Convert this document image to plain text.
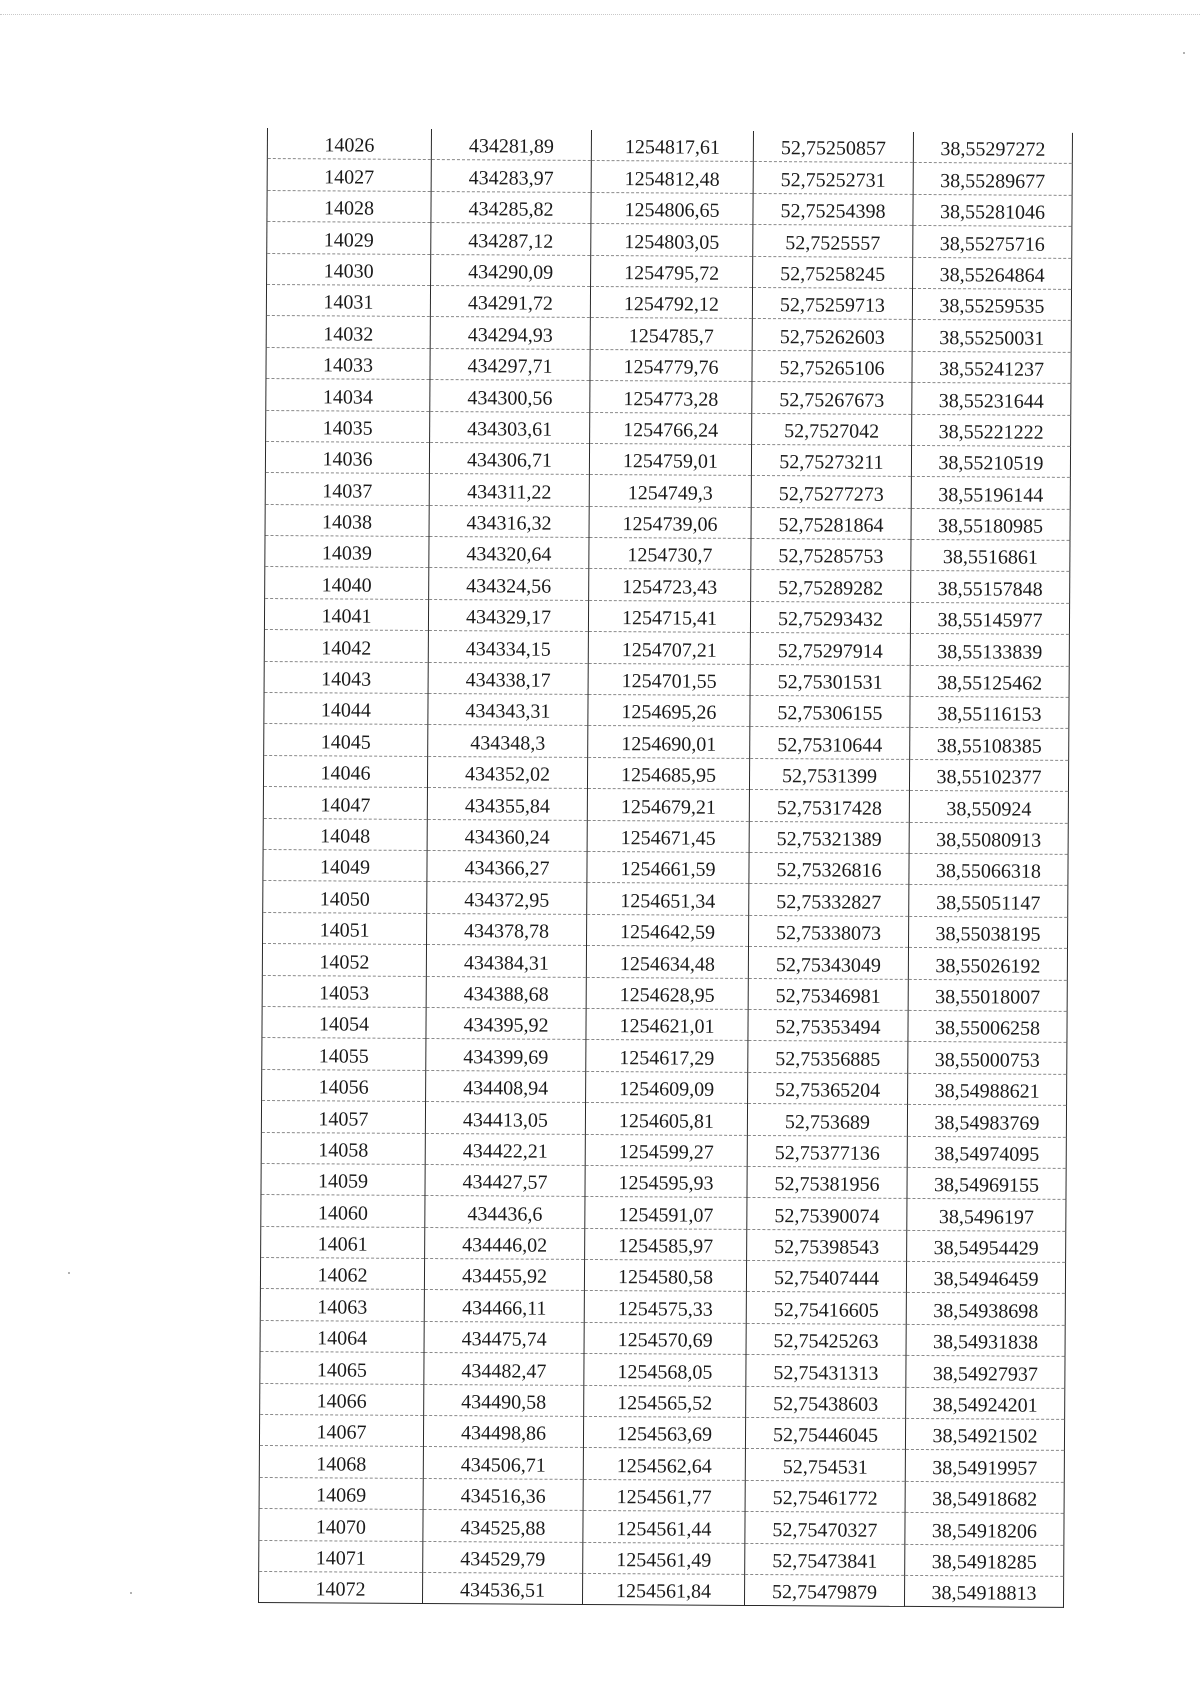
14026	434281,89	1254817,61	52,75250857	38,55297272
14027	434283,97	1254812,48	52,75252731	38,55289677
14028	434285,82	1254806,65	52,75254398	38,55281046
14029	434287,12	1254803,05	52,7525557	38,55275716
14030	434290,09	1254795,72	52,75258245	38,55264864
14031	434291,72	1254792,12	52,75259713	38,55259535
14032	434294,93	1254785,7	52,75262603	38,55250031
14033	434297,71	1254779,76	52,75265106	38,55241237
14034	434300,56	1254773,28	52,75267673	38,55231644
14035	434303,61	1254766,24	52,7527042	38,55221222
14036	434306,71	1254759,01	52,75273211	38,55210519
14037	434311,22	1254749,3	52,75277273	38,55196144
14038	434316,32	1254739,06	52,75281864	38,55180985
14039	434320,64	1254730,7	52,75285753	38,5516861
14040	434324,56	1254723,43	52,75289282	38,55157848
14041	434329,17	1254715,41	52,75293432	38,55145977
14042	434334,15	1254707,21	52,75297914	38,55133839
14043	434338,17	1254701,55	52,75301531	38,55125462
14044	434343,31	1254695,26	52,75306155	38,55116153
14045	434348,3	1254690,01	52,75310644	38,55108385
14046	434352,02	1254685,95	52,7531399	38,55102377
14047	434355,84	1254679,21	52,75317428	38,550924
14048	434360,24	1254671,45	52,75321389	38,55080913
14049	434366,27	1254661,59	52,75326816	38,55066318
14050	434372,95	1254651,34	52,75332827	38,55051147
14051	434378,78	1254642,59	52,75338073	38,55038195
14052	434384,31	1254634,48	52,75343049	38,55026192
14053	434388,68	1254628,95	52,75346981	38,55018007
14054	434395,92	1254621,01	52,75353494	38,55006258
14055	434399,69	1254617,29	52,75356885	38,55000753
14056	434408,94	1254609,09	52,75365204	38,54988621
14057	434413,05	1254605,81	52,753689	38,54983769
14058	434422,21	1254599,27	52,75377136	38,54974095
14059	434427,57	1254595,93	52,75381956	38,54969155
14060	434436,6	1254591,07	52,75390074	38,5496197
14061	434446,02	1254585,97	52,75398543	38,54954429
14062	434455,92	1254580,58	52,75407444	38,54946459
14063	434466,11	1254575,33	52,75416605	38,54938698
14064	434475,74	1254570,69	52,75425263	38,54931838
14065	434482,47	1254568,05	52,75431313	38,54927937
14066	434490,58	1254565,52	52,75438603	38,54924201
14067	434498,86	1254563,69	52,75446045	38,54921502
14068	434506,71	1254562,64	52,754531	38,54919957
14069	434516,36	1254561,77	52,75461772	38,54918682
14070	434525,88	1254561,44	52,75470327	38,54918206
14071	434529,79	1254561,49	52,75473841	38,54918285
14072	434536,51	1254561,84	52,75479879	38,54918813
